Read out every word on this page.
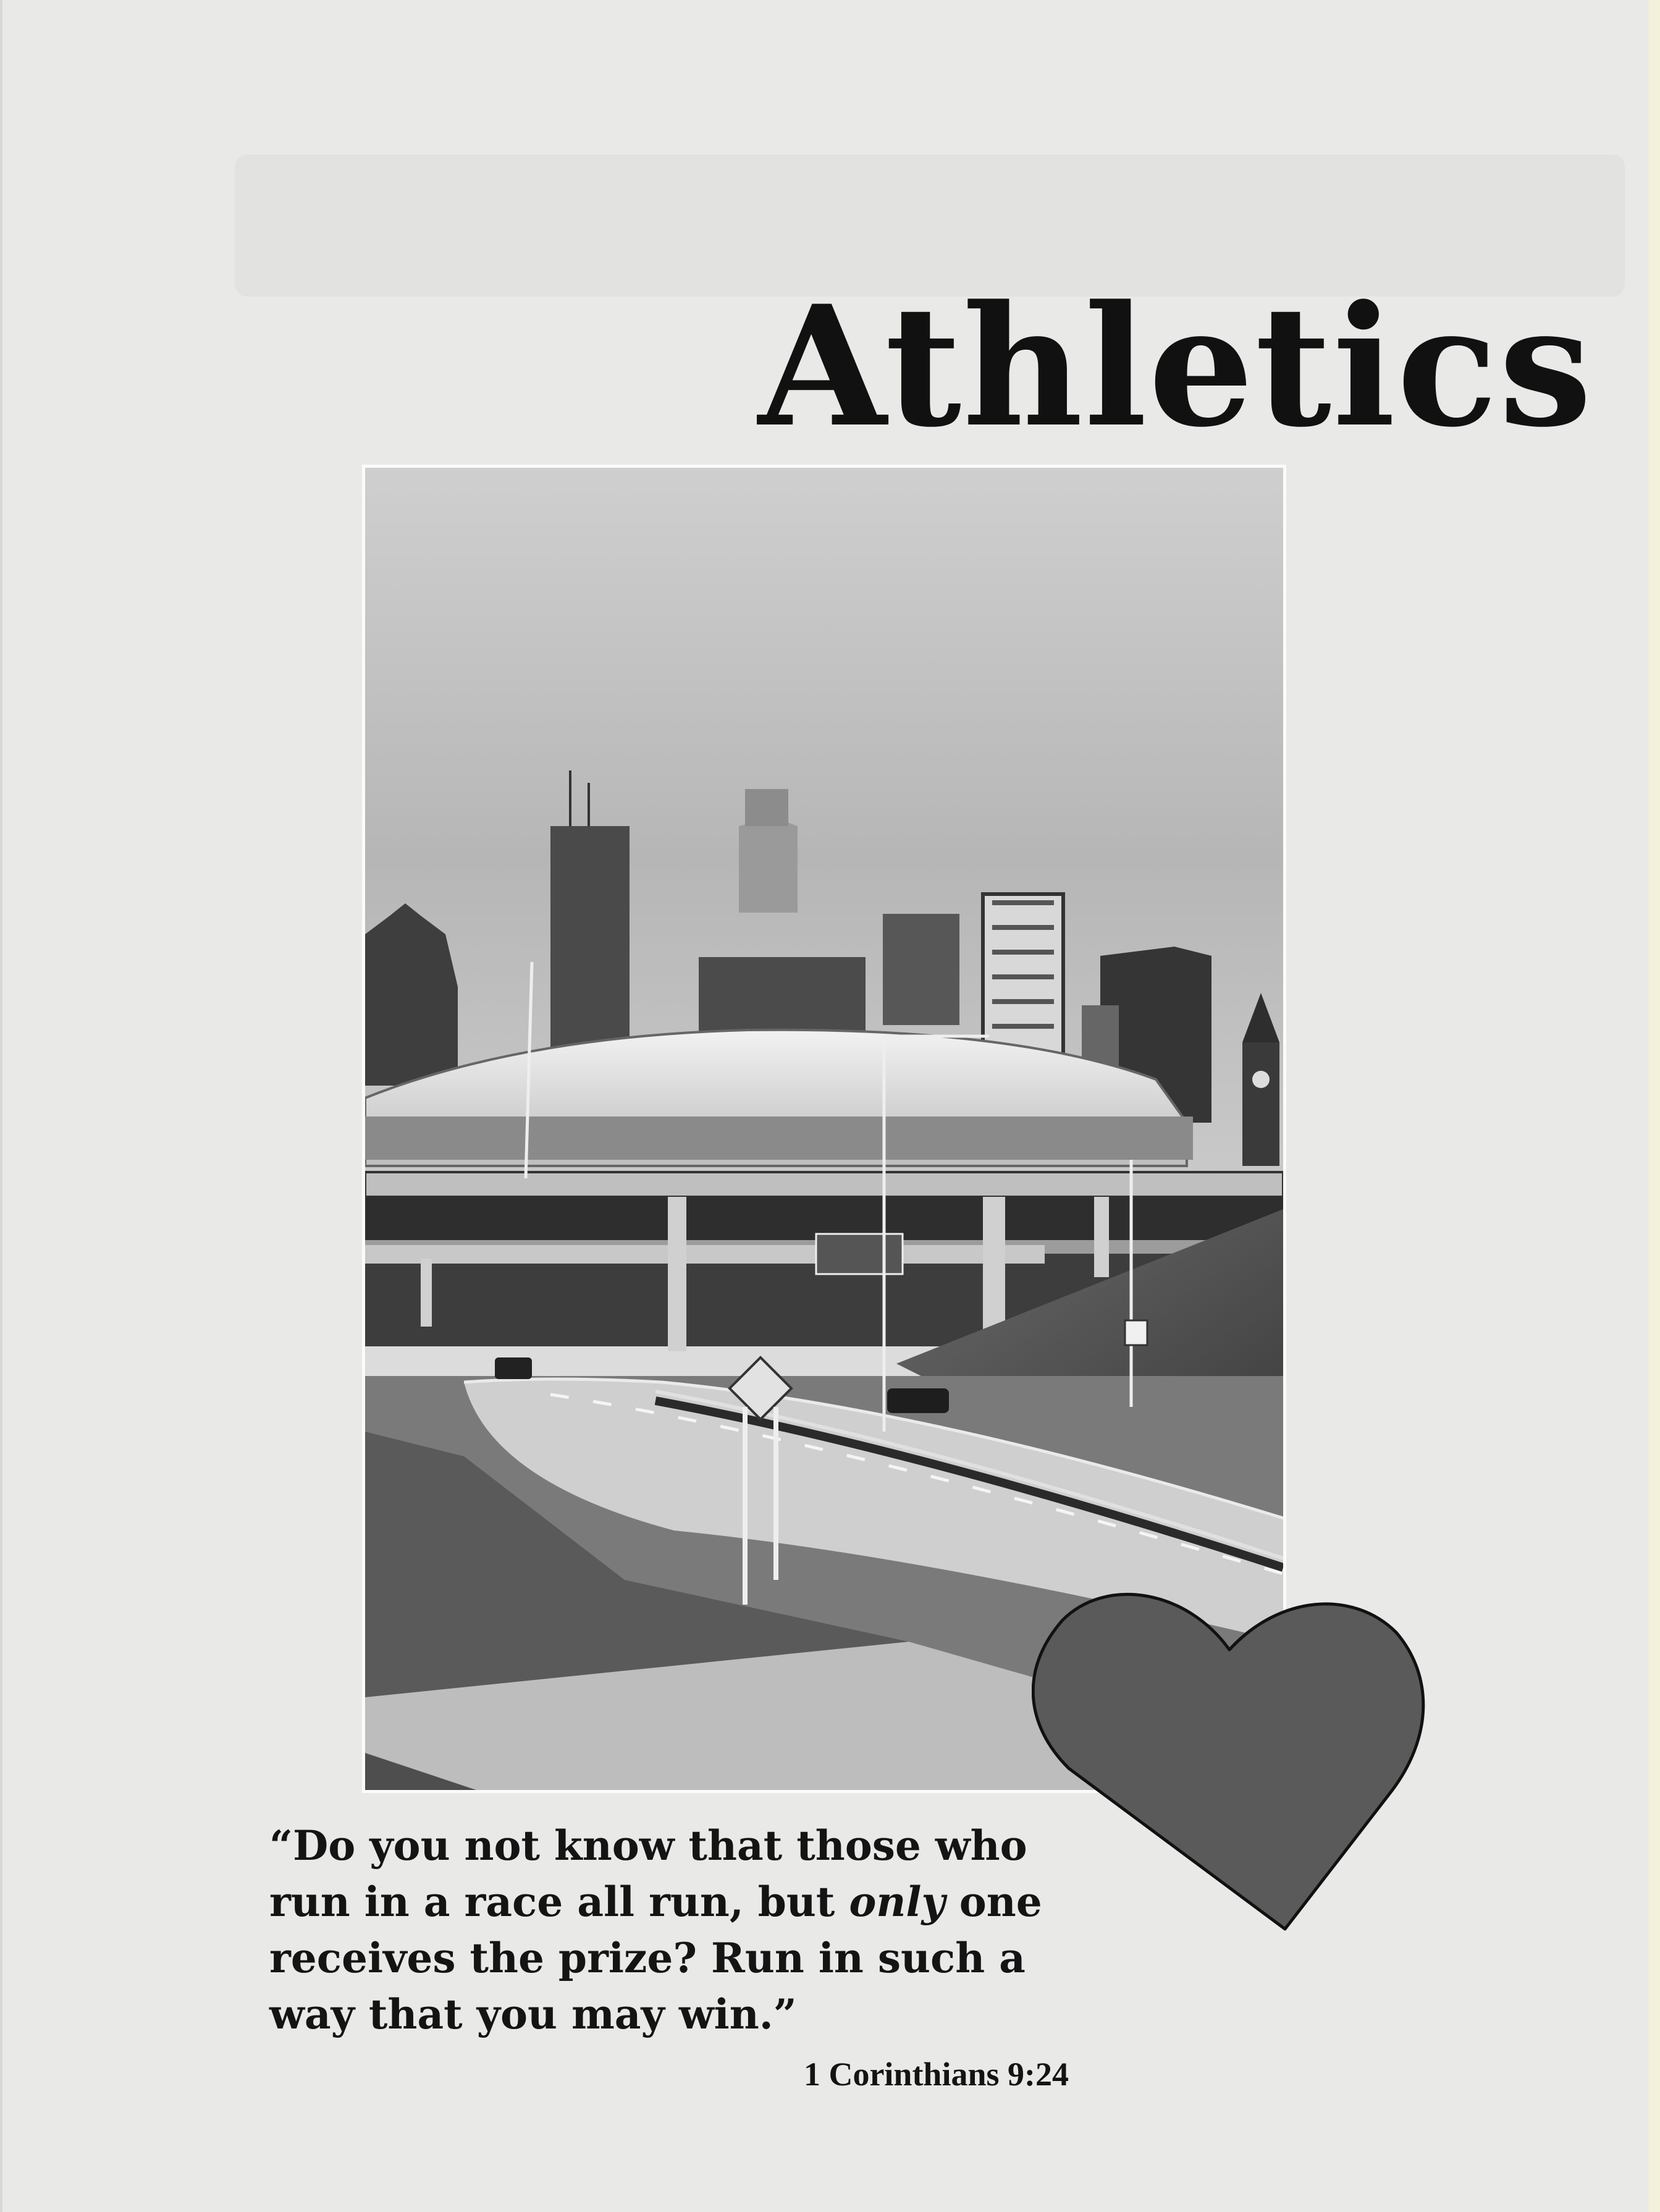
Athletics

“Do you not know that those who
run in a race all run, but only one
receives the prize? Run in such a
way that you may win.”

1 Corinthians 9:24
